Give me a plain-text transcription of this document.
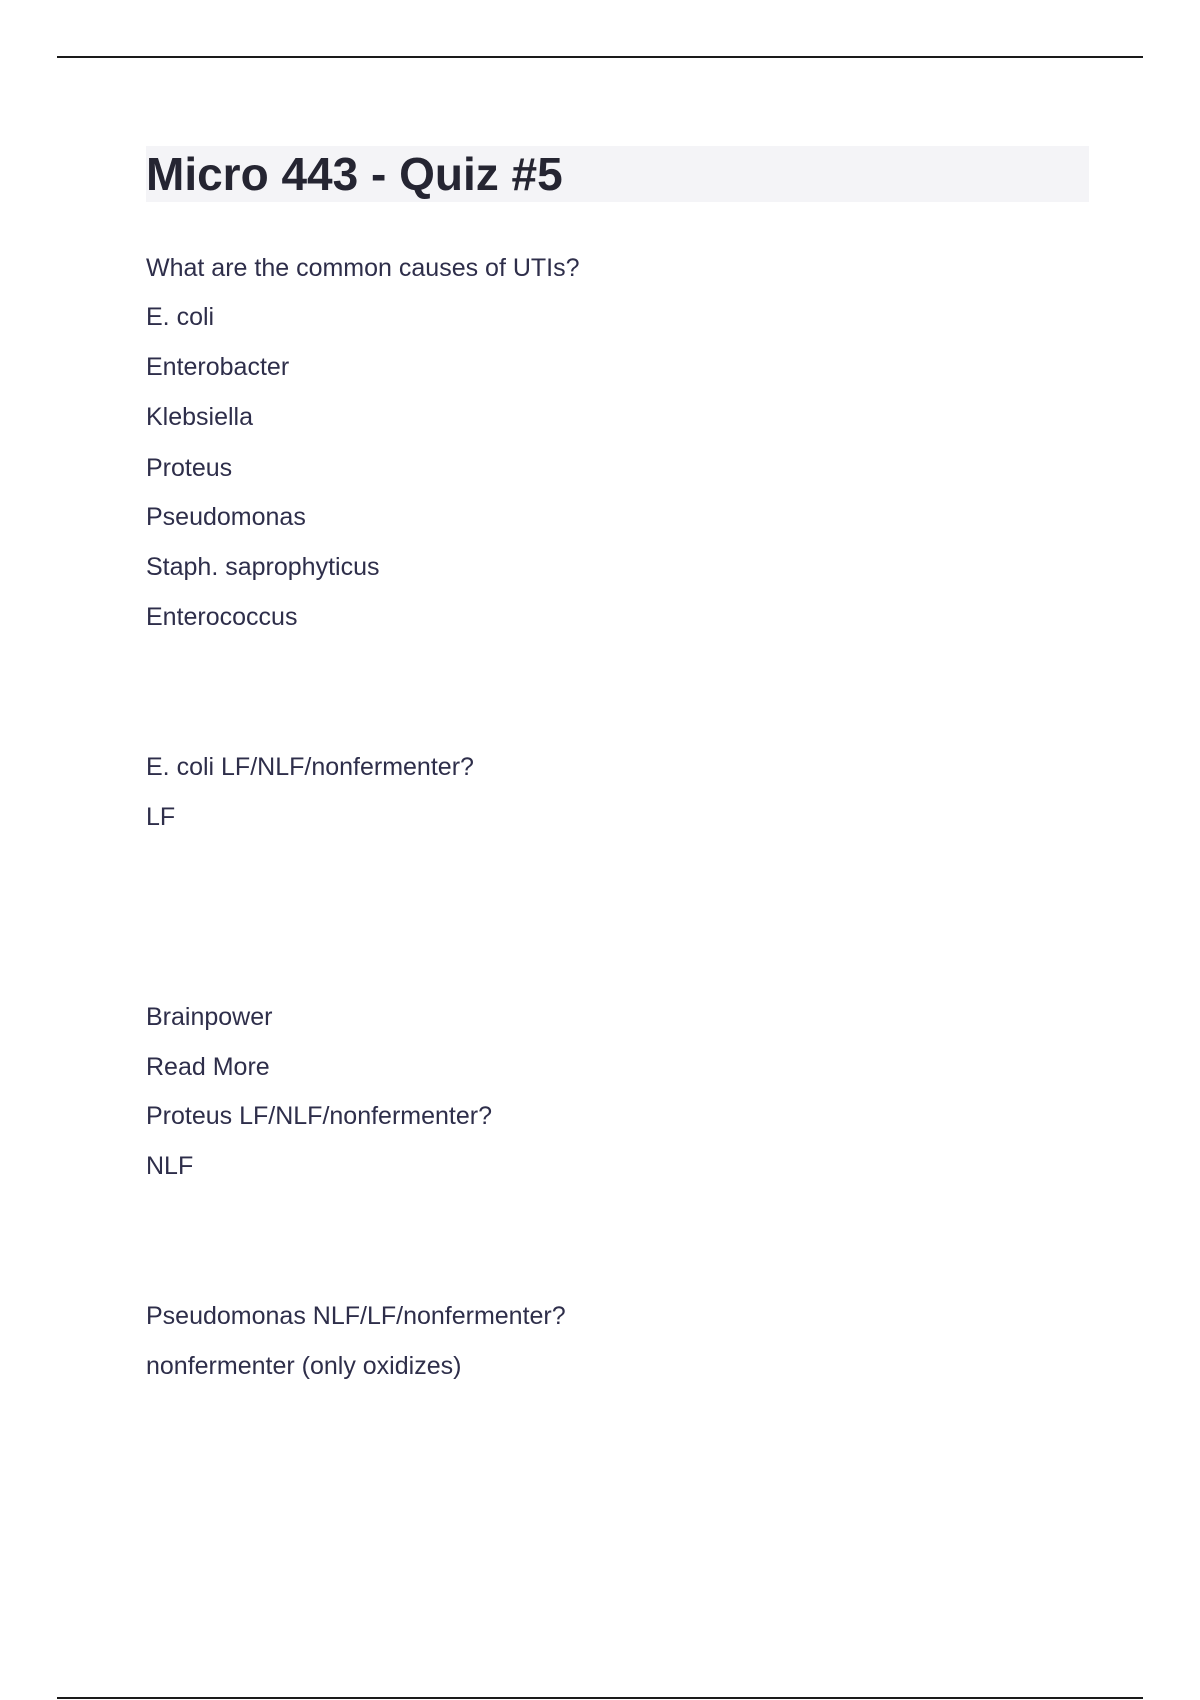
Micro 443 - Quiz #5
What are the common causes of UTIs?
E. coli
Enterobacter
Klebsiella
Proteus
Pseudomonas
Staph. saprophyticus
Enterococcus
E. coli LF/NLF/nonfermenter?
LF
Brainpower
Read More
Proteus LF/NLF/nonfermenter?
NLF
Pseudomonas NLF/LF/nonfermenter?
nonfermenter (only oxidizes)
